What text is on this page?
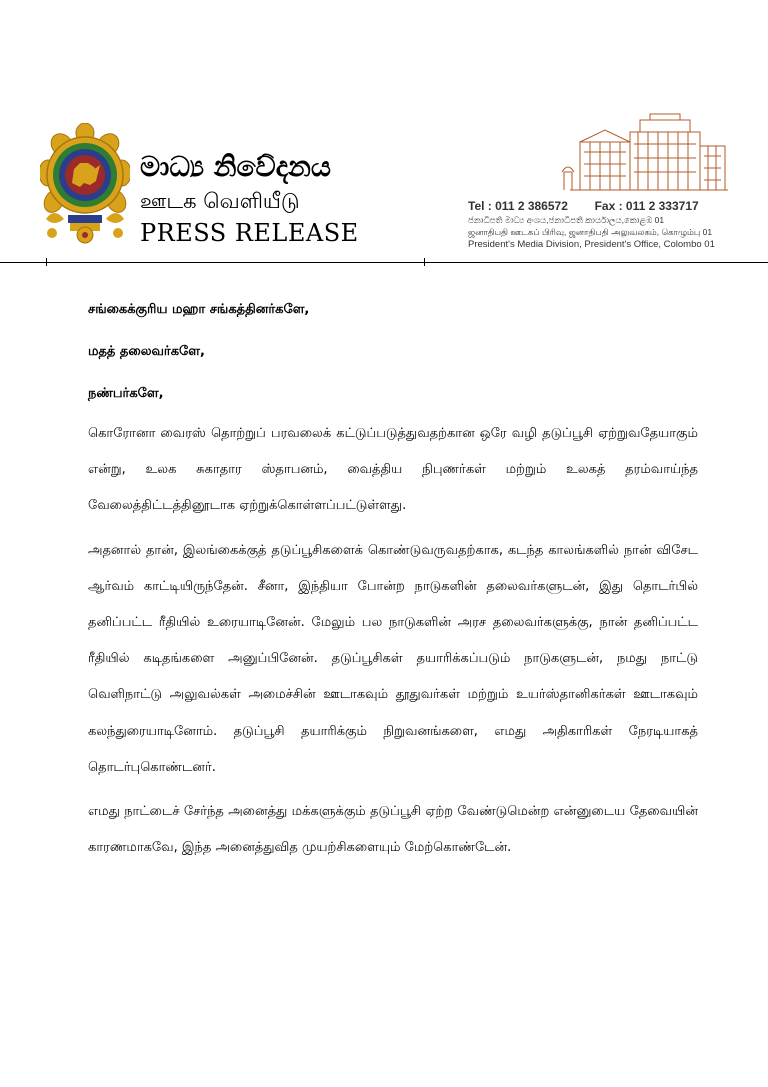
මාධ්‍ය නිවේදනය
ஊடக வெளியீடு
PRESS RELEASE
Tel : 011 2 386572 Fax : 011 2 333717
ජනාධිපති මාධ්‍ය අංශය,ජනාධිපති කාර්යාලය,කොළඹ 01
ஜனாதிபதி ஊடகப் பிரிவு, ஜனாதிபதி அலுவலகம், கொழும்பு 01
President's Media Division, President's Office, Colombo 01
சங்கைக்குரிய மஹா சங்கத்தினர்களே,
மதத் தலைவர்களே,
நண்பர்களே,

கொரோனா வைரஸ் தொற்றுப் பரவலைக் கட்டுப்படுத்துவதற்கான ஒரே வழி தடுப்பூசி ஏற்றுவதேயாகும் என்று, உலக சுகாதார ஸ்தாபனம், வைத்திய நிபுணர்கள் மற்றும் உலகத் தரம்வாய்ந்த வேலைத்திட்டத்தினூடாக ஏற்றுக்கொள்ளப்பட்டுள்ளது.

அதனால் தான், இலங்கைக்குத் தடுப்பூசிகளைக் கொண்டுவருவதற்காக, கடந்த காலங்களில் நான் விசேட ஆர்வம் காட்டியிருந்தேன். சீனா, இந்தியா போன்ற நாடுகளின் தலைவர்களுடன், இது தொடர்பில் தனிப்பட்ட ரீதியில் உரையாடினேன். மேலும் பல நாடுகளின் அரச தலைவர்களுக்கு, நான் தனிப்பட்ட ரீதியில் கடிதங்களை அனுப்பினேன். தடுப்பூசிகள் தயாரிக்கப்படும் நாடுகளுடன், நமது நாட்டு வெளிநாட்டு அலுவல்கள் அமைச்சின் ஊடாகவும் தூதுவர்கள் மற்றும் உயர்ஸ்தானிகர்கள் ஊடாகவும் கலந்துரையாடினோம். தடுப்பூசி தயாரிக்கும் நிறுவனங்களை, எமது அதிகாரிகள் நேரடியாகத் தொடர்புகொண்டனர்.

எமது நாட்டைச் சேர்ந்த அனைத்து மக்களுக்கும் தடுப்பூசி ஏற்ற வேண்டுமென்ற என்னுடைய தேவையின் காரணமாகவே, இந்த அனைத்துவித முயற்சிகளையும் மேற்கொண்டேன்.
